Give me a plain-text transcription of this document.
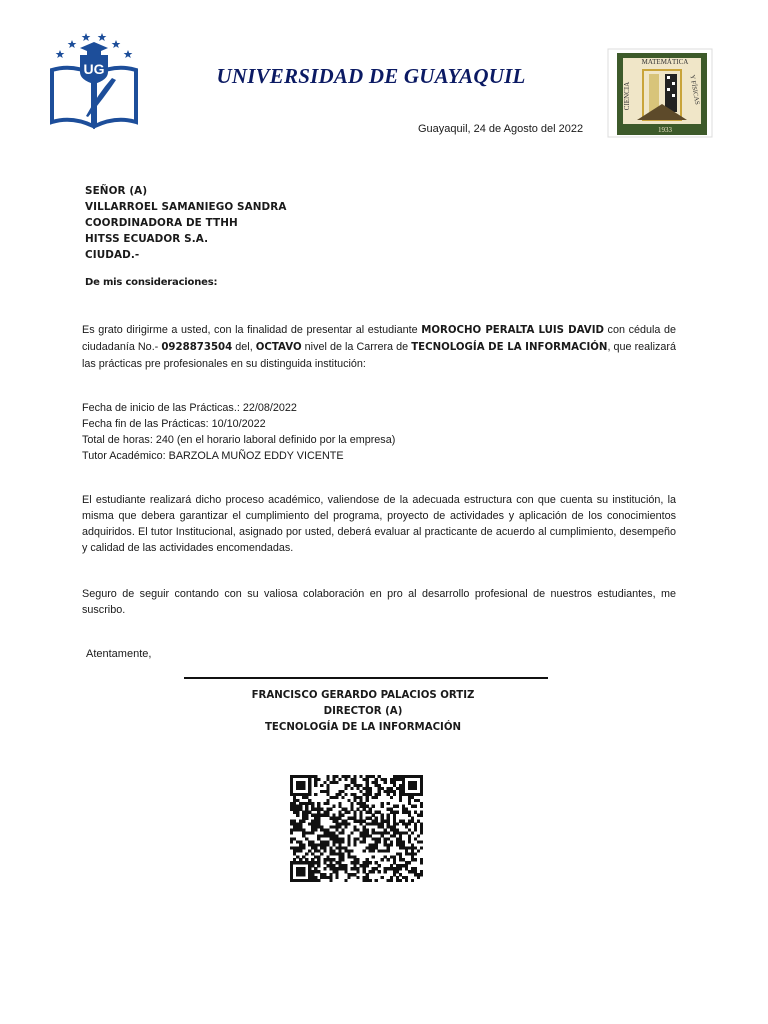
UG	UNIVERSIDAD DE GUAYAQUIL
MATEMÁTICA
CIENCIA	Y FÍSICAS
1933
Guayaquil, 24 de Agosto del 2022
SEÑOR (A)
VILLARROEL SAMANIEGO SANDRA
COORDINADORA DE TTHH
HITSS ECUADOR S.A.
CIUDAD.-
De mis consideraciones:
Es grato dirigirme a usted, con la finalidad de presentar al estudiante MOROCHO PERALTA LUIS DAVID con cédula de ciudadanía No.- 0928873504 del, OCTAVO nivel de la Carrera de TECNOLOGÍA DE LA INFORMACIÓN, que realizará las prácticas pre profesionales en su distinguida institución:
Fecha de inicio de las Prácticas.: 22/08/2022
Fecha fin de las Prácticas: 10/10/2022
Total de horas: 240 (en el horario laboral definido por la empresa)
Tutor Académico: BARZOLA MUÑOZ EDDY VICENTE
El estudiante realizará dicho proceso académico, valiendose de la adecuada estructura con que cuenta su institución, la misma que debera garantizar el cumplimiento del programa, proyecto de actividades y aplicación de los conocimientos adquiridos. El tutor Institucional, asignado por usted, deberá evaluar al practicante de acuerdo al cumplimiento, desempeño y calidad de las actividades encomendadas.
Seguro de seguir contando con su valiosa colaboración en pro al desarrollo profesional de nuestros estudiantes, me suscribo.
Atentamente,
FRANCISCO GERARDO PALACIOS ORTIZ
DIRECTOR (A)
TECNOLOGÍA DE LA INFORMACIÓN
